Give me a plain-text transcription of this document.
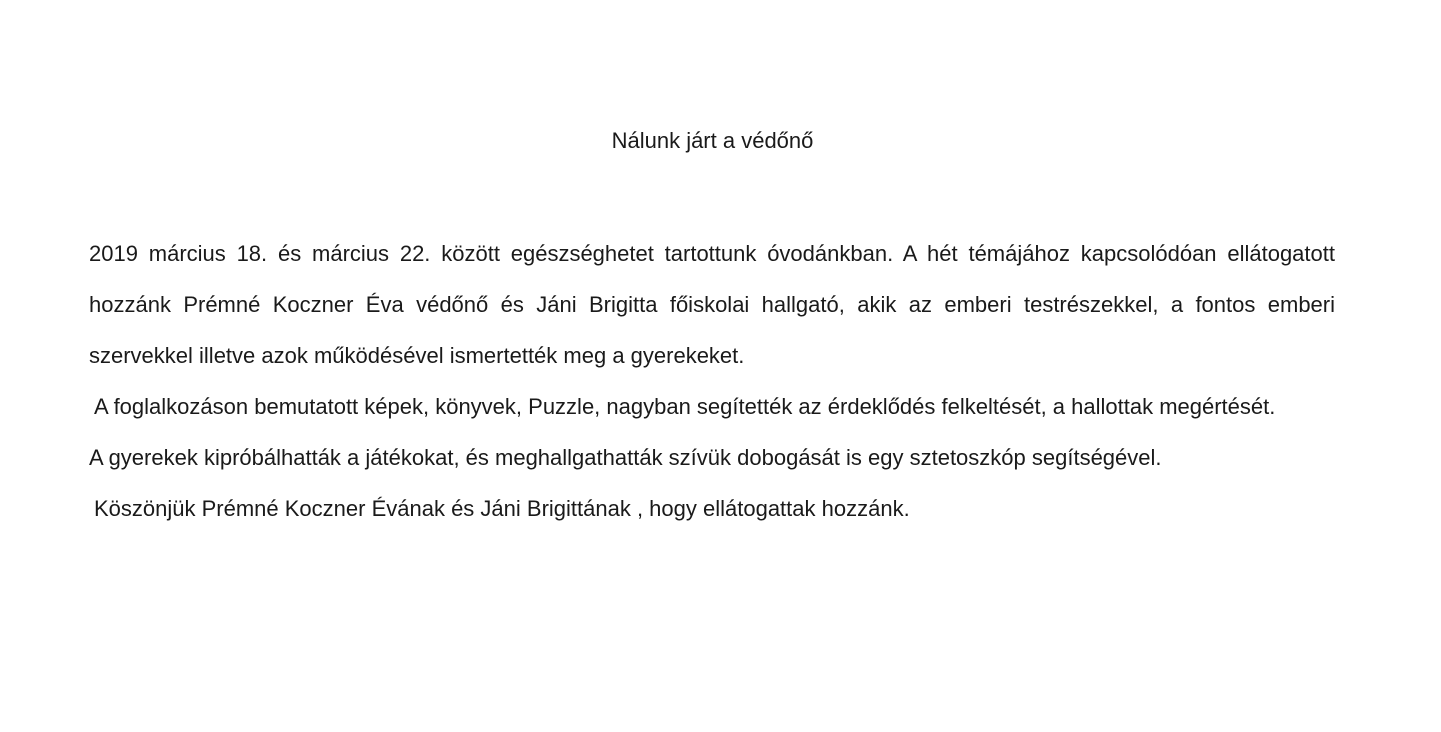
Nálunk járt a védőnő

2019 március 18. és március 22. között egészséghetet tartottunk óvodánkban. A hét témájához kapcsolódóan ellátogatott hozzánk Prémné Koczner Éva védőnő és Jáni Brigitta főiskolai hallgató, akik az emberi testrészekkel, a fontos emberi szervekkel illetve azok működésével ismertették meg a gyerekeket.

A foglalkozáson bemutatott képek, könyvek, Puzzle, nagyban segítették az érdeklődés felkeltését, a hallottak megértését.

A gyerekek kipróbálhatták a játékokat, és meghallgathatták szívük dobogását is egy sztetoszkóp segítségével.

Köszönjük Prémné Koczner Évának és Jáni Brigittának , hogy ellátogattak hozzánk.
